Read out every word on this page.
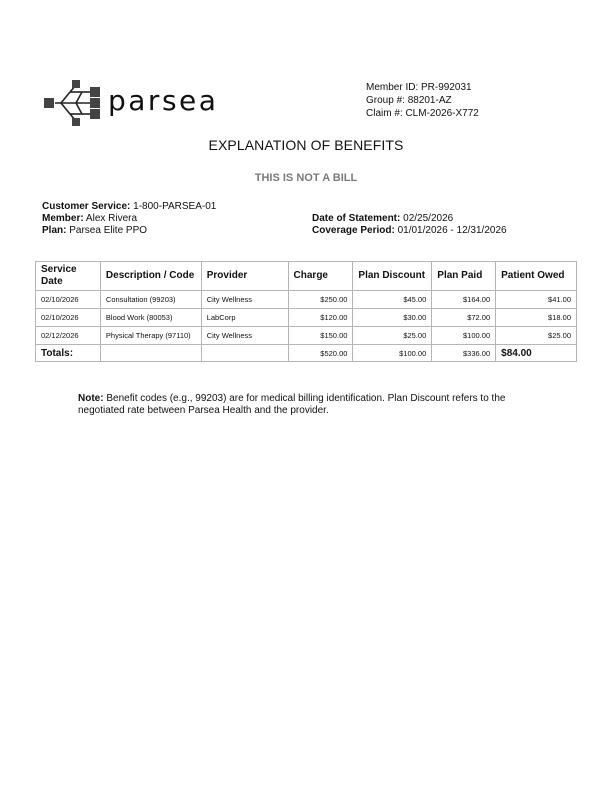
parsea	Member ID: PR-992031
Group #: 88201-AZ
Claim #: CLM-2026-X772
EXPLANATION OF BENEFITS
THIS IS NOT A BILL
Customer Service: 1-800-PARSEA-01
Member: Alex Rivera
Plan: Parsea Elite PPO
Date of Statement: 02/25/2026
Coverage Period: 01/01/2026 - 12/31/2026
Service Date	Description / Code	Provider	Charge	Plan Discount	Plan Paid	Patient Owed
02/10/2026	Consultation (99203)	City Wellness	$250.00	$45.00	$164.00	$41.00
02/10/2026	Blood Work (80053)	LabCorp	$120.00	$30.00	$72.00	$18.00
02/12/2026	Physical Therapy (97110)	City Wellness	$150.00	$25.00	$100.00	$25.00
Totals:			$520.00	$100.00	$336.00	$84.00
Note: Benefit codes (e.g., 99203) are for medical billing identification. Plan Discount refers to the negotiated rate between Parsea Health and the provider.
